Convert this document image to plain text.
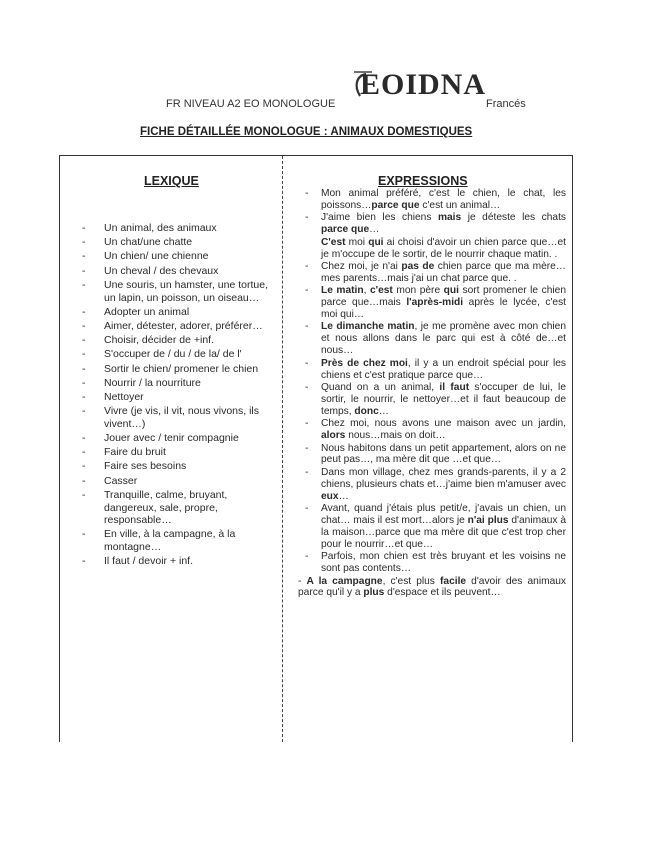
EOIDNA
FR NIVEAU A2 EO MONOLOGUE	Francés
FICHE DÉTAILLÉE MONOLOGUE : ANIMAUX DOMESTIQUES
LEXIQUE	EXPRESSIONS
- Un animal, des animaux
- Un chat/une chatte
- Un chien/ une chienne
- Un cheval / des chevaux
- Une souris, un hamster, une tortue, un lapin, un poisson, un oiseau…
- Adopter un animal
- Aimer, détester, adorer, préférer…
- Choisir, décider de +inf.
- S'occuper de / du / de la/ de l'
- Sortir le chien/ promener le chien
- Nourrir / la nourriture
- Nettoyer
- Vivre (je vis, il vit, nous vivons, ils vivent…)
- Jouer avec / tenir compagnie
- Faire du bruit
- Faire ses besoins
- Casser
- Tranquille, calme, bruyant, dangereux, sale, propre, responsable…
- En ville, à la campagne, à la montagne…
- Il faut / devoir + inf.
- Mon animal préféré, c'est le chien, le chat, les poissons…parce que c'est un animal…
- J'aime bien les chiens mais je déteste les chats parce que…
C'est moi qui ai choisi d'avoir un chien parce que…et je m'occupe de le sortir, de le nourrir chaque matin. .
- Chez moi, je n'ai pas de chien parce que ma mère… mes parents…mais j'ai un chat parce que. .
- Le matin, c'est mon père qui sort promener le chien parce que…mais l'après-midi après le lycée, c'est moi qui…
- Le dimanche matin, je me promène avec mon chien et nous allons dans le parc qui est à côté de…et nous…
- Près de chez moi, il y a un endroit spécial pour les chiens et c'est pratique parce que…
- Quand on a un animal, il faut s'occuper de lui, le sortir, le nourrir, le nettoyer…et il faut beaucoup de temps, donc…
- Chez moi, nous avons une maison avec un jardin, alors nous…mais on doit…
- Nous habitons dans un petit appartement, alors on ne peut pas…, ma mère dit que …et que…
- Dans mon village, chez mes grands-parents, il y a 2 chiens, plusieurs chats et…j'aime bien m'amuser avec eux…
- Avant, quand j'étais plus petit/e, j'avais un chien, un chat… mais il est mort…alors je n'ai plus d'animaux à la maison…parce que ma mère dit que c'est trop cher pour le nourrir…et que…
- Parfois, mon chien est très bruyant et les voisins ne sont pas contents…
- A la campagne, c'est plus facile d'avoir des animaux parce qu'il y a plus d'espace et ils peuvent…
